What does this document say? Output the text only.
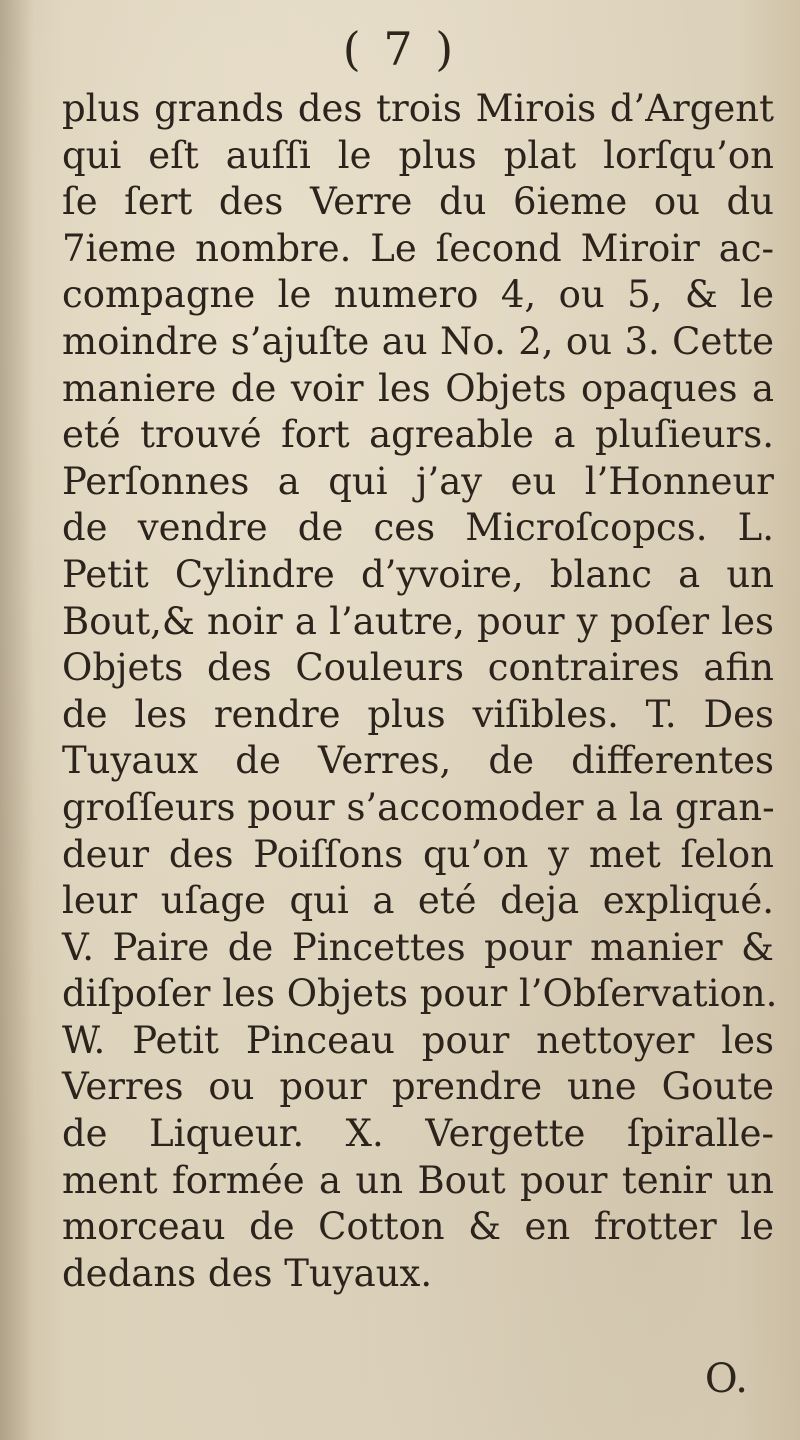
( 7 )
plus grands des trois Mirois d’Argent
qui eſt auſſi le plus plat lorſqu’on
ſe ſert des Verre du 6ieme ou du
7ieme nombre. Le ſecond Miroir ac-
compagne le numero 4, ou 5, & le
moindre s’ajuſte au No. 2, ou 3. Cette
maniere de voir les Objets opaques a
eté trouvé fort agreable a pluſieurs.
Perſonnes a qui j’ay eu l’Honneur
de vendre de ces Microſcopcs. L.
Petit Cylindre d’yvoire, blanc a un
Bout,& noir a l’autre, pour y poſer les
Objets des Couleurs contraires afin
de les rendre plus viſibles. T. Des
Tuyaux de Verres, de differentes
groſſeurs pour s’accomoder a la gran-
deur des Poiſſons qu’on y met ſelon
leur uſage qui a eté deja expliqué.
V. Paire de Pincettes pour manier &
diſpoſer les Objets pour l’Obſervation.
W. Petit Pinceau pour nettoyer les
Verres ou pour prendre une Goute
de Liqueur. X. Vergette ſpiralle-
ment formée a un Bout pour tenir un
morceau de Cotton & en frotter le
dedans des Tuyaux.
O.
